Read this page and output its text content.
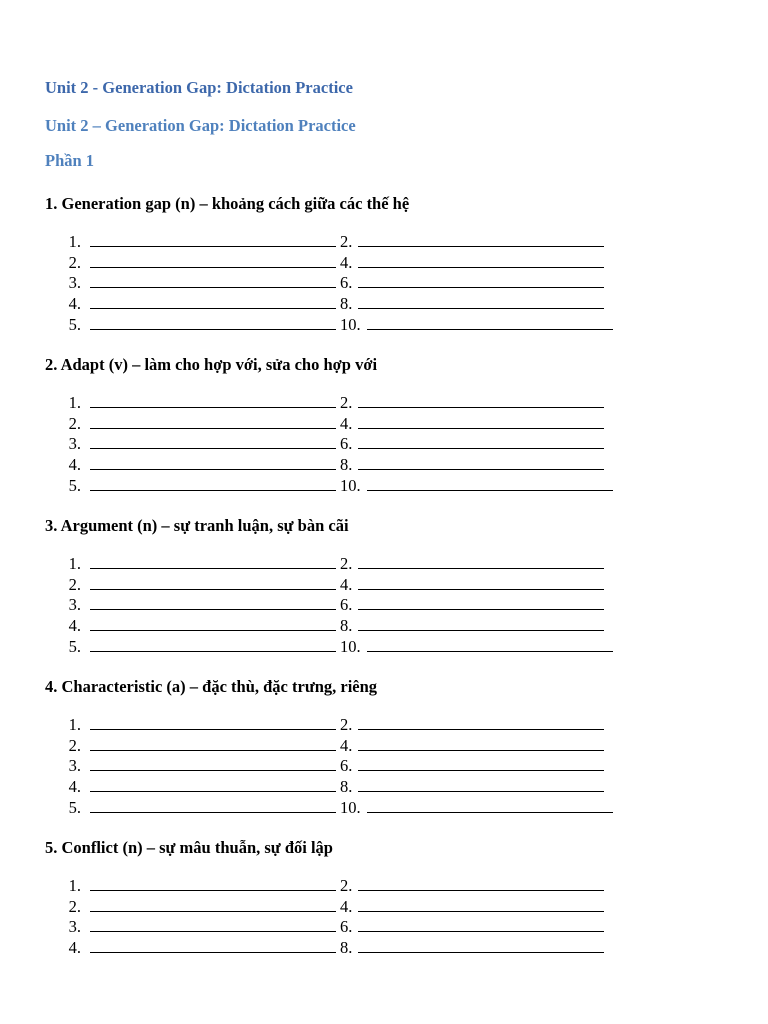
Unit 2 - Generation Gap: Dictation Practice
Unit 2 – Generation Gap: Dictation Practice
Phần 1
1. Generation gap (n) – khoảng cách giữa các thế hệ
1.	2.
2.	4.
3.	6.
4.	8.
5.	10.
2. Adapt (v) – làm cho hợp với, sửa cho hợp với
1.	2.
2.	4.
3.	6.
4.	8.
5.	10.
3. Argument (n) – sự tranh luận, sự bàn cãi
1.	2.
2.	4.
3.	6.
4.	8.
5.	10.
4. Characteristic (a) – đặc thù, đặc trưng, riêng
1.	2.
2.	4.
3.	6.
4.	8.
5.	10.
5. Conflict (n) – sự mâu thuẫn, sự đối lập
1.	2.
2.	4.
3.	6.
4.	8.
